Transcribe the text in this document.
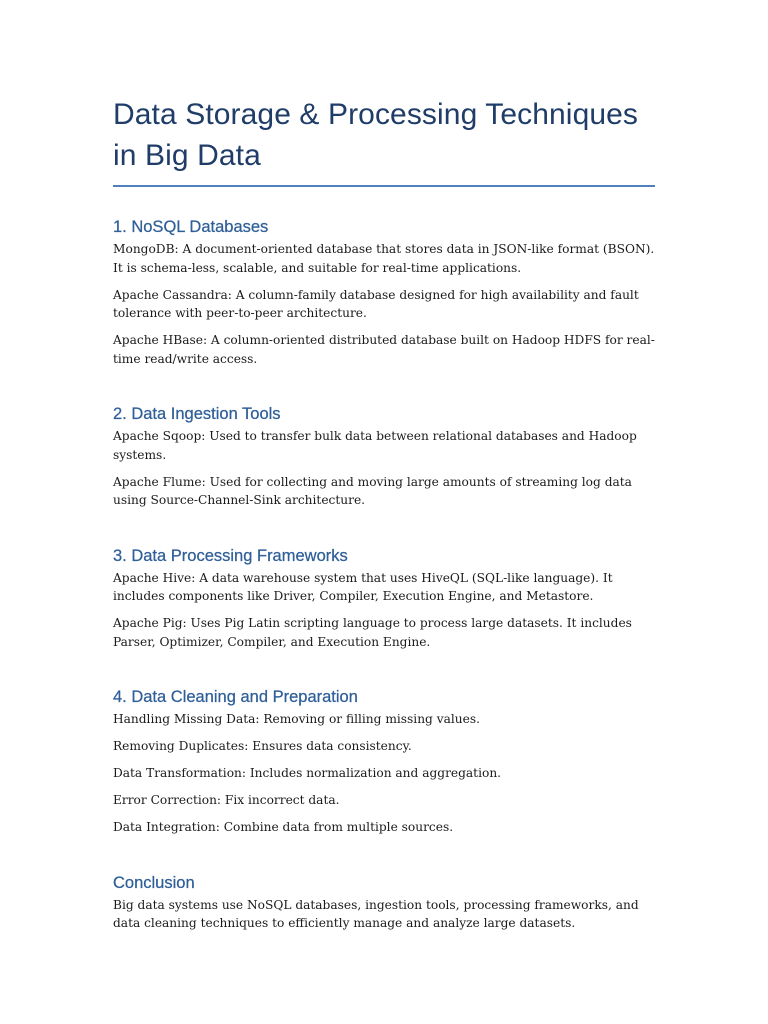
Data Storage & Processing Techniques in Big Data
1. NoSQL Databases

MongoDB: A document-oriented database that stores data in JSON-like format (BSON). It is schema-less, scalable, and suitable for real-time applications.

Apache Cassandra: A column-family database designed for high availability and fault tolerance with peer-to-peer architecture.

Apache HBase: A column-oriented distributed database built on Hadoop HDFS for real-time read/write access.

2. Data Ingestion Tools

Apache Sqoop: Used to transfer bulk data between relational databases and Hadoop systems.

Apache Flume: Used for collecting and moving large amounts of streaming log data using Source-Channel-Sink architecture.

3. Data Processing Frameworks

Apache Hive: A data warehouse system that uses HiveQL (SQL-like language). It includes components like Driver, Compiler, Execution Engine, and Metastore.

Apache Pig: Uses Pig Latin scripting language to process large datasets. It includes Parser, Optimizer, Compiler, and Execution Engine.

4. Data Cleaning and Preparation

Handling Missing Data: Removing or filling missing values.

Removing Duplicates: Ensures data consistency.

Data Transformation: Includes normalization and aggregation.

Error Correction: Fix incorrect data.

Data Integration: Combine data from multiple sources.

Conclusion

Big data systems use NoSQL databases, ingestion tools, processing frameworks, and data cleaning techniques to efficiently manage and analyze large datasets.
